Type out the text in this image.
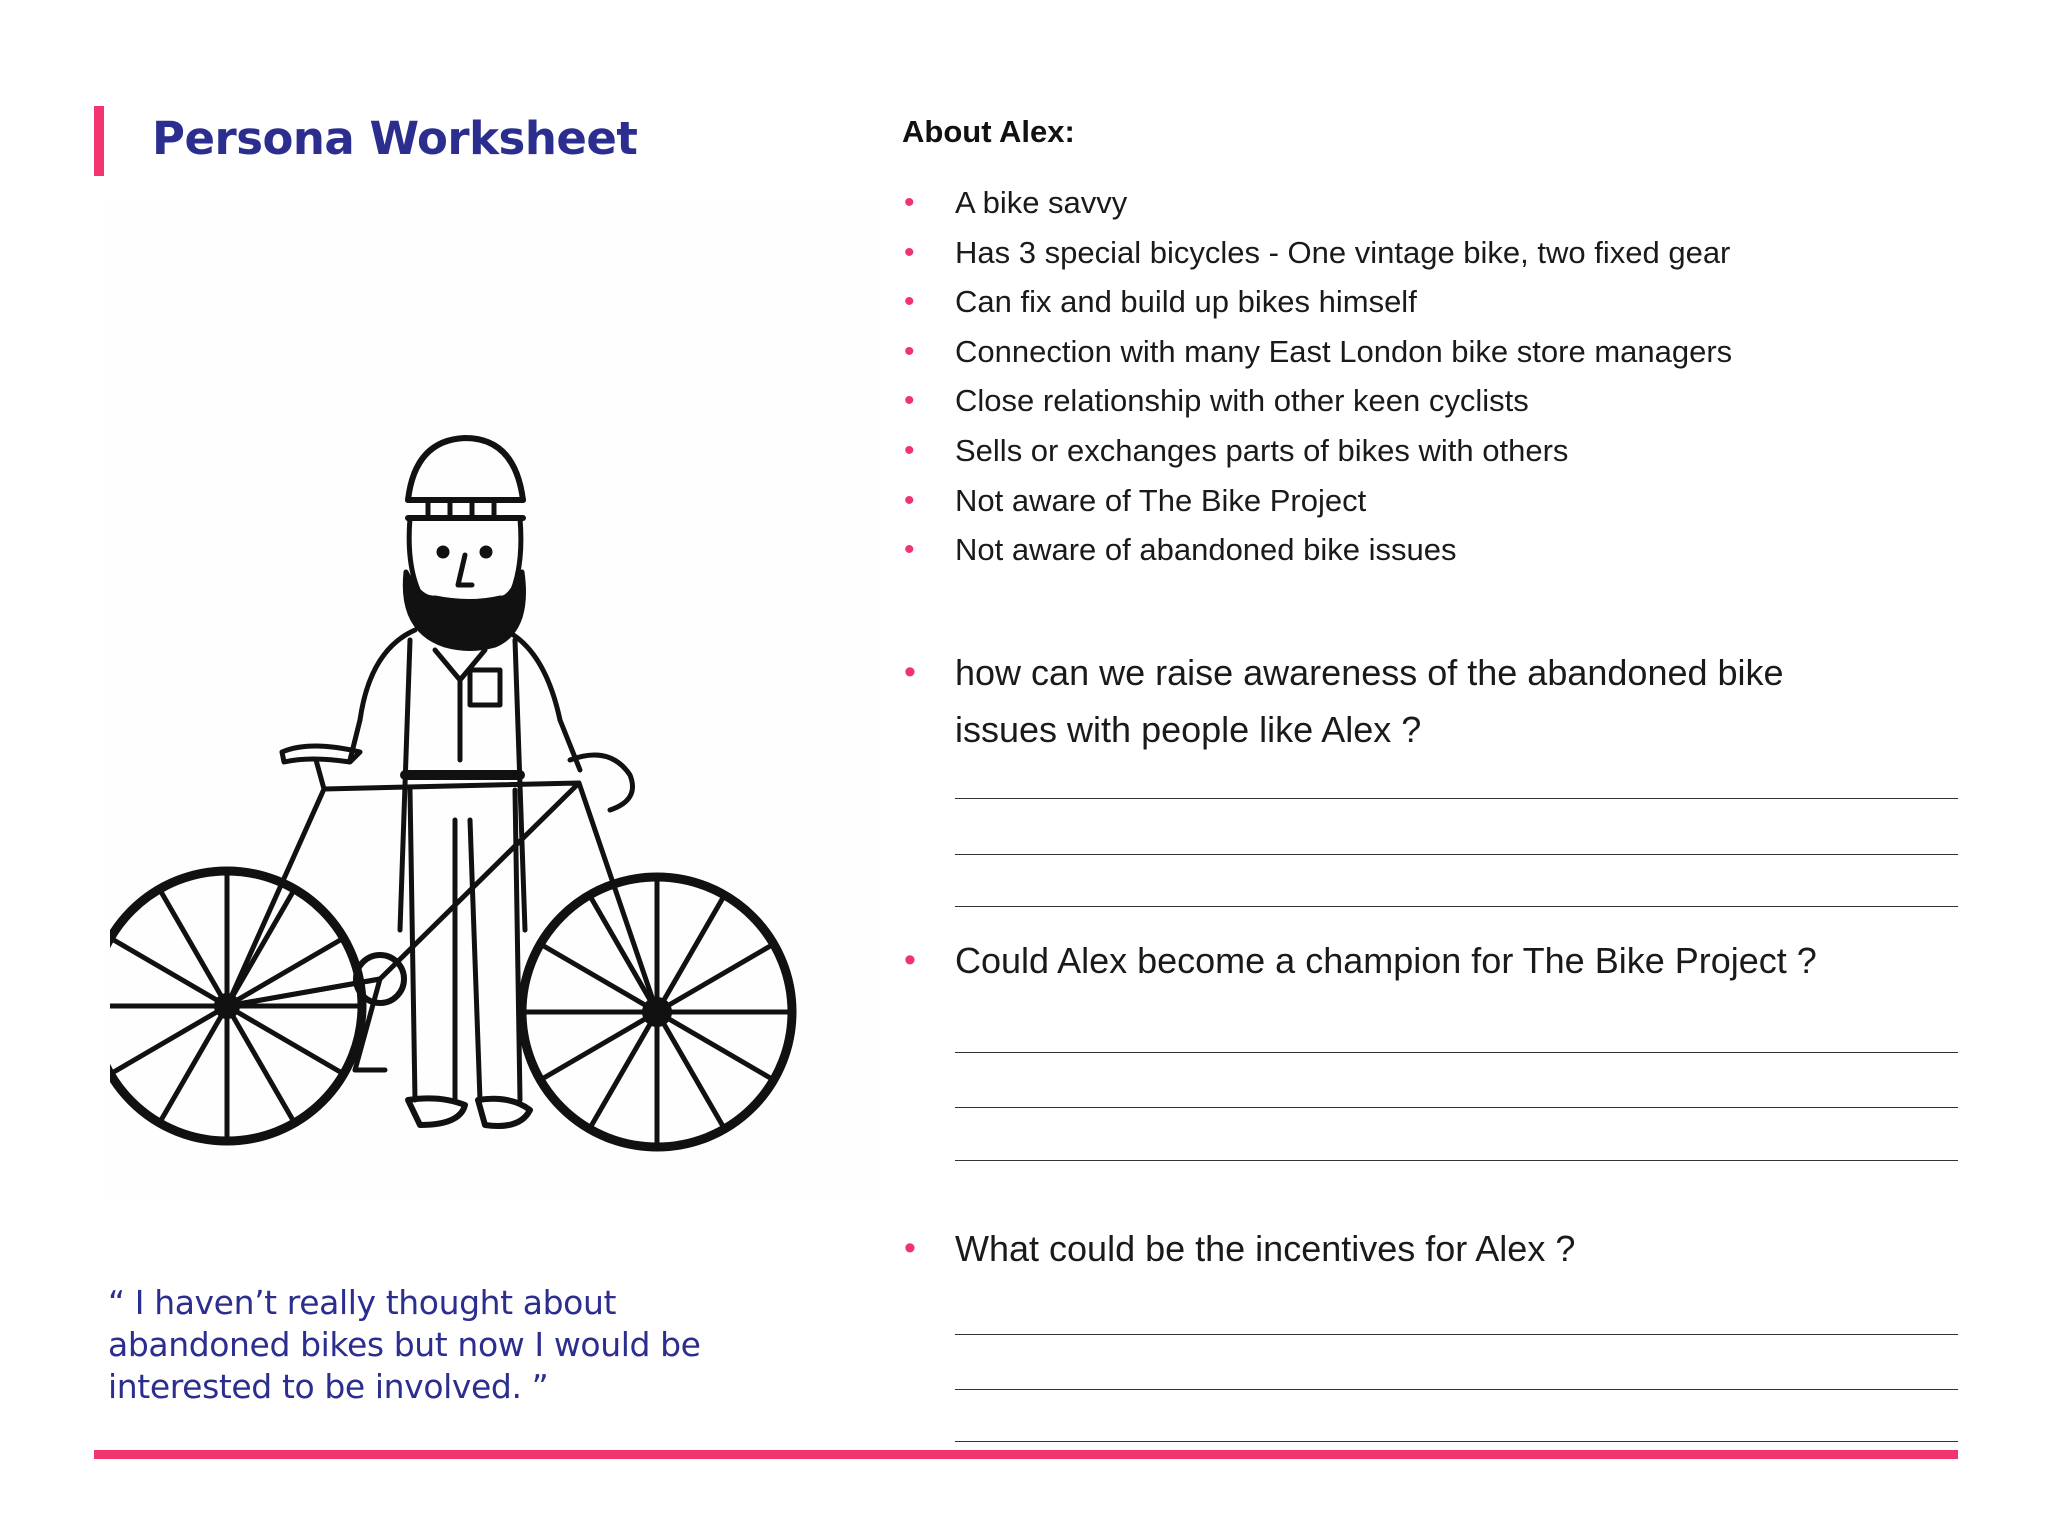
Persona Worksheet
“ I haven’t really thought about abandoned bikes but now I would be interested to be involved. ”
About Alex:
• A bike savvy
• Has 3 special bicycles - One vintage bike, two fixed gear
• Can fix and build up bikes himself
• Connection with many East London bike store managers
• Close relationship with other keen cyclists
• Sells or exchanges parts of bikes with others
• Not aware of The Bike Project
• Not aware of abandoned bike issues
• how can we raise awareness of the abandoned bike issues with people like Alex ?
• Could Alex become a champion for The Bike Project ?
• What could be the incentives for Alex ?
